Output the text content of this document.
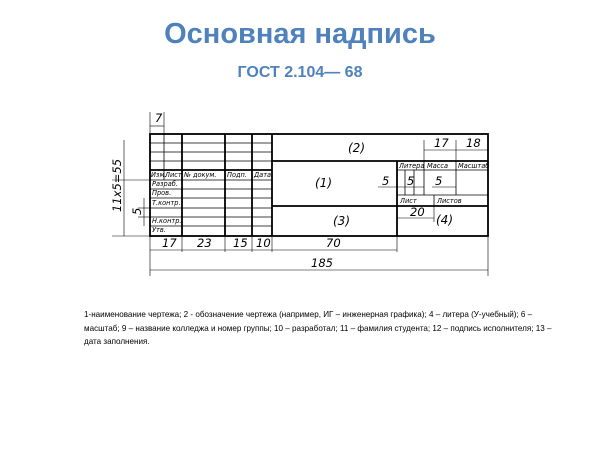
Основная надпись
ГОСТ 2.104— 68
Изм.
Лист № докум. Подп. Дата
Разраб.
Пров.
Т.контр.
Н.контр.
Утв.
Литера Масса Масштаб
Лист	Листов
(2)
(1)
(3)	(4)
7
11х5=55 5
17 23 15 10	70
185
17 18
5 5 5
20

1-наименование чертежа; 2 - обозначение чертежа (например, ИГ – инженерная графика); 4 – литера (У-учебный); 6 – масштаб; 9 – название колледжа и номер группы; 10 – разработал; 11 – фамилия студента; 12 – подпись исполнителя; 13 – дата заполнения.
